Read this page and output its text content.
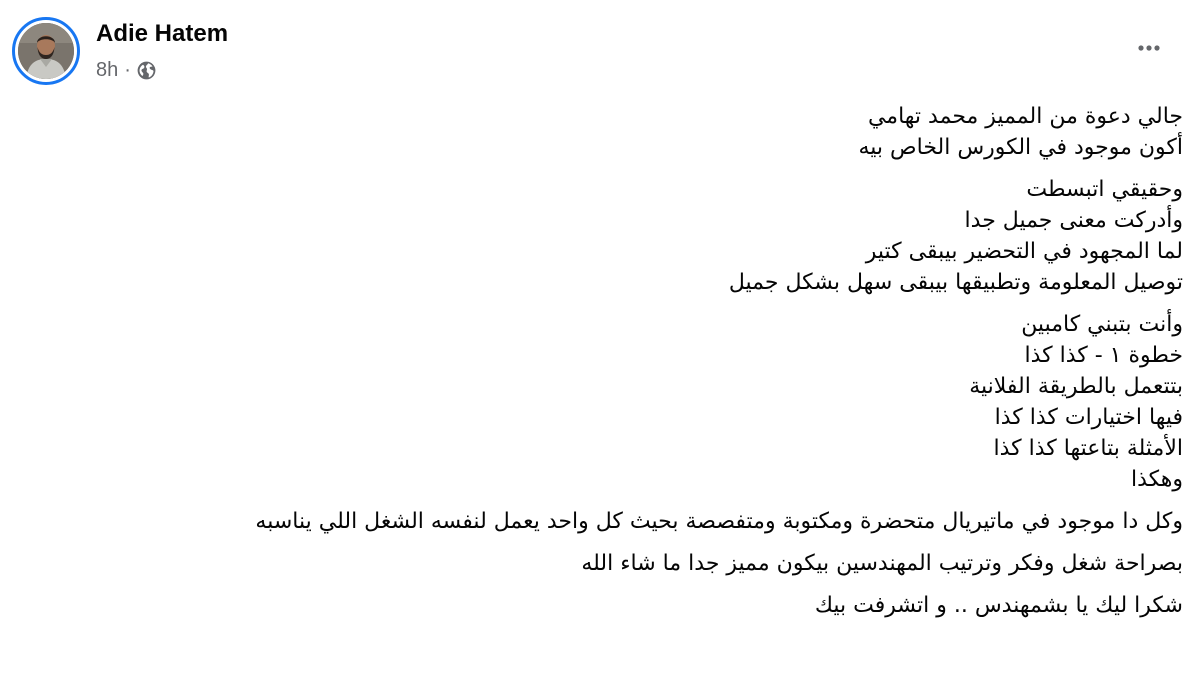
Adie Hatem
8h ·
جالي دعوة من المميز محمد تهامي
أكون موجود في الكورس الخاص بيه
وحقيقي اتبسطت
وأدركت معنى جميل جدا
لما المجهود في التحضير بيبقى كتير
توصيل المعلومة وتطبيقها بيبقى سهل بشكل جميل
وأنت بتبني كامبين
خطوة ١ - كذا كذا
بتتعمل بالطريقة الفلانية
فيها اختيارات كذا كذا
الأمثلة بتاعتها كذا كذا
وهكذا
وكل دا موجود في ماتيريال متحضرة ومكتوبة ومتفصصة بحيث كل واحد يعمل لنفسه الشغل اللي يناسبه
بصراحة شغل وفكر وترتيب المهندسين بيكون مميز جدا ما شاء الله
شكرا ليك يا بشمهندس .. و اتشرفت بيك
